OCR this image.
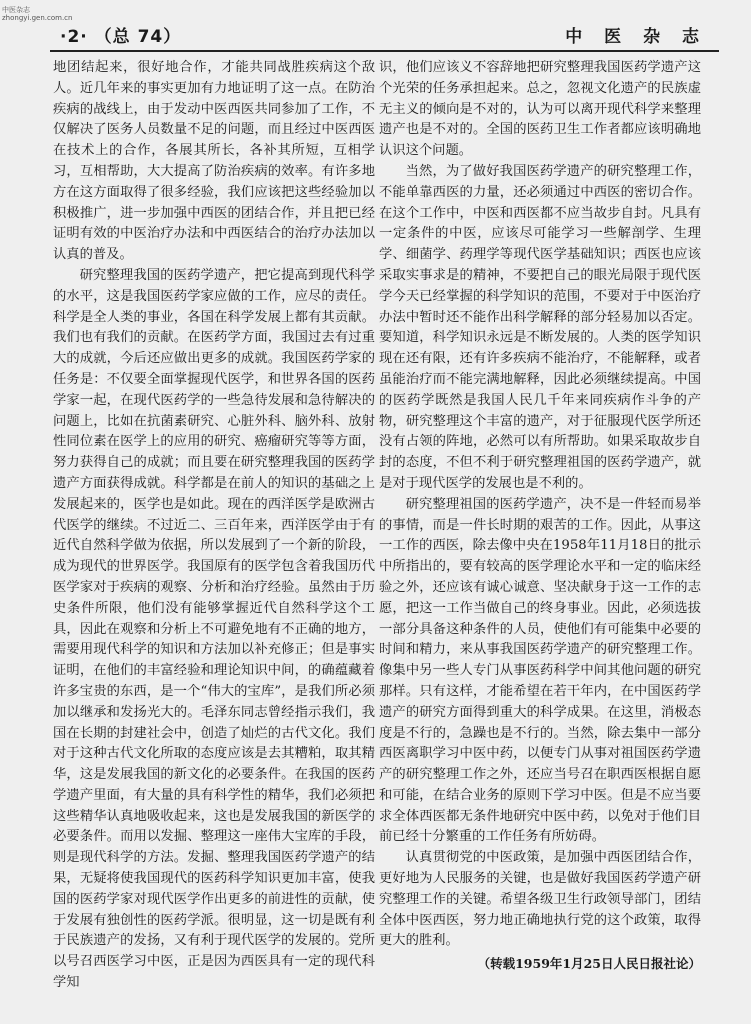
中医杂志
zhongyi.gen.com.cn
·2· （总 74）	中 医 杂 志

地团结起来，很好地合作，才能共同战胜疾病这个敌人。近几年来的事实更加有力地证明了这一点。在防治疾病的战线上，由于发动中医西医共同参加了工作，不仅解决了医务人员数量不足的问题，而且经过中医西医在技术上的合作，各展其所长，各补其所短，互相学习，互相帮助，大大提高了防治疾病的效率。有许多地方在这方面取得了很多经验，我们应该把这些经验加以积极推广，进一步加强中西医的团结合作，并且把已经证明有效的中医治疗办法和中西医结合的治疗办法加以认真的普及。

研究整理我国的医药学遗产，把它提高到现代科学的水平，这是我国医药学家应做的工作，应尽的责任。科学是全人类的事业，各国在科学发展上都有其贡献。我们也有我们的贡献。在医药学方面，我国过去有过重大的成就，今后还应做出更多的成就。我国医药学家的任务是：不仅要全面掌握现代医学，和世界各国的医药学家一起，在现代医药学的一些急待发展和急待解决的问题上，比如在抗菌素研究、心脏外科、脑外科、放射性同位素在医学上的应用的研究、癌瘤研究等等方面，努力获得自己的成就；而且要在研究整理我国的医药学遗产方面获得成就。科学都是在前人的知识的基础之上发展起来的，医学也是如此。现在的西洋医学是欧洲古代医学的继续。不过近二、三百年来，西洋医学由于有近代自然科学做为依据，所以发展到了一个新的阶段，成为现代的世界医学。我国原有的医学包含着我国历代医学家对于疾病的观察、分析和治疗经验。虽然由于历史条件所限，他们没有能够掌握近代自然科学这个工具，因此在观察和分析上不可避免地有不正确的地方，需要用现代科学的知识和方法加以补充修正；但是事实证明，在他们的丰富经验和理论知识中间，的确蕴藏着许多宝贵的东西，是一个“伟大的宝库”，是我们所必须加以继承和发扬光大的。毛泽东同志曾经指示我们，我国在长期的封建社会中，创造了灿烂的古代文化。我们对于这种古代文化所取的态度应该是去其糟粕，取其精华，这是发展我国的新文化的必要条件。在我国的医药学遗产里面，有大量的具有科学性的精华，我们必须把这些精华认真地吸收起来，这也是发展我国的新医学的必要条件。而用以发掘、整理这一座伟大宝库的手段，则是现代科学的方法。发掘、整理我国医药学遗产的结果，无疑将使我国现代的医药科学知识更加丰富，使我国的医药学家对现代医学作出更多的前进性的贡献，使于发展有独创性的医药学派。很明显，这一切是既有利于民族遗产的发扬，又有利于现代医学的发展的。党所以号召西医学习中医，正是因为西医具有一定的现代科学知

识，他们应该义不容辞地把研究整理我国医药学遗产这个光荣的任务承担起来。总之，忽视文化遗产的民族虚无主义的倾向是不对的，认为可以离开现代科学来整理遗产也是不对的。全国的医药卫生工作者都应该明确地认识这个问题。

当然，为了做好我国医药学遗产的研究整理工作，不能单靠西医的力量，还必须通过中西医的密切合作。在这个工作中，中医和西医都不应当故步自封。凡具有一定条件的中医，应该尽可能学习一些解剖学、生理学、细菌学、药理学等现代医学基础知识；西医也应该采取实事求是的精神，不要把自己的眼光局限于现代医学今天已经掌握的科学知识的范围，不要对于中医治疗办法中暂时还不能作出科学解释的部分轻易加以否定。要知道，科学知识永远是不断发展的。人类的医学知识现在还有限，还有许多疾病不能治疗，不能解释，或者虽能治疗而不能完满地解释，因此必须继续提高。中国的医药学既然是我国人民几千年来同疾病作斗争的产物，研究整理这个丰富的遗产，对于征服现代医学所还没有占领的阵地，必然可以有所帮助。如果采取故步自封的态度，不但不利于研究整理祖国的医药学遗产，就是对于现代医学的发展也是不利的。

研究整理祖国的医药学遗产，决不是一件轻而易举的事情，而是一件长时期的艰苦的工作。因此，从事这一工作的西医，除去像中央在1958年11月18日的批示中所指出的，要有较高的医学理论水平和一定的临床经验之外，还应该有诚心诚意、坚决献身于这一工作的志愿，把这一工作当做自己的终身事业。因此，必须选拔一部分具备这种条件的人员，使他们有可能集中必要的时间和精力，来从事我国医药学遗产的研究整理工作。像集中另一些人专门从事医药科学中间其他问题的研究那样。只有这样，才能希望在若干年内，在中国医药学遗产的研究方面得到重大的科学成果。在这里，消极态度是不行的，急躁也是不行的。当然，除去集中一部分西医离职学习中医中药，以便专门从事对祖国医药学遗产的研究整理工作之外，还应当号召在职西医根据自愿和可能，在结合业务的原则下学习中医。但是不应当要求全体西医都无条件地研究中医中药，以免对于他们目前已经十分繁重的工作任务有所妨碍。

认真贯彻党的中医政策，是加强中西医团结合作，更好地为人民服务的关键，也是做好我国医药学遗产研究整理工作的关键。希望各级卫生行政领导部门，团结全体中医西医，努力地正确地执行党的这个政策，取得更大的胜利。

（转载1959年1月25日人民日报社论）
